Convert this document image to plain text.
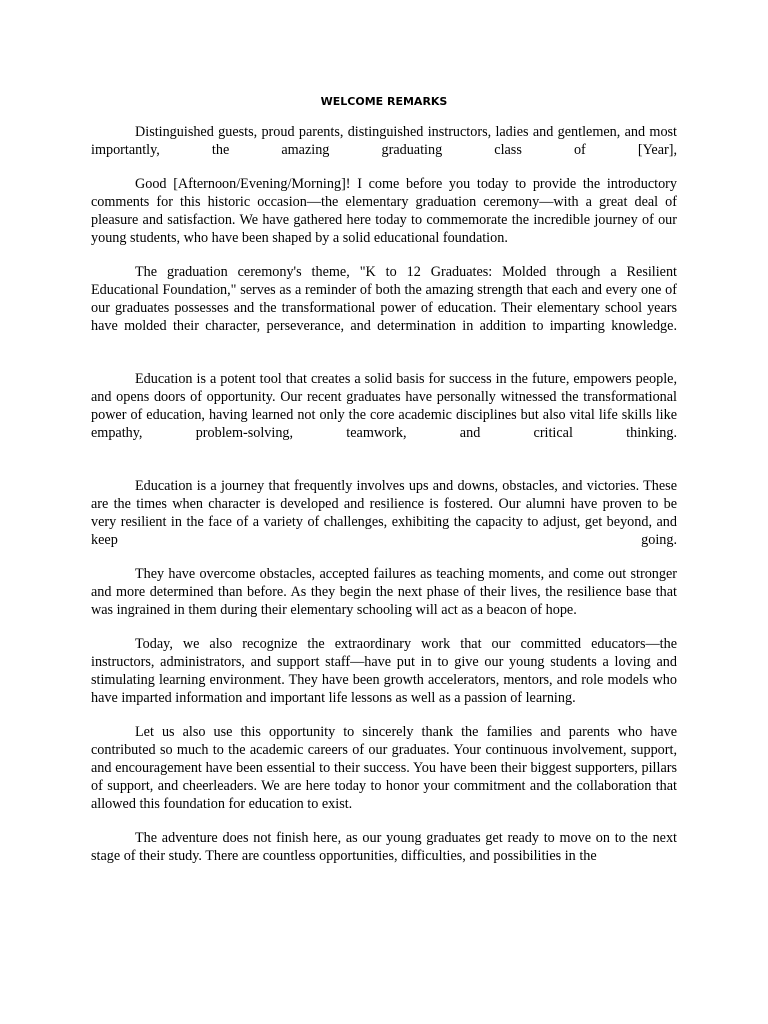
WELCOME REMARKS

Distinguished guests, proud parents, distinguished instructors, ladies and gentlemen, and most importantly, the amazing graduating class of [Year],

Good [Afternoon/Evening/Morning]! I come before you today to provide the introductory comments for this historic occasion—the elementary graduation ceremony—with a great deal of pleasure and satisfaction. We have gathered here today to commemorate the incredible journey of our young students, who have been shaped by a solid educational foundation.

The graduation ceremony's theme, "K to 12 Graduates: Molded through a Resilient Educational Foundation," serves as a reminder of both the amazing strength that each and every one of our graduates possesses and the transformational power of education. Their elementary school years have molded their character, perseverance, and determination in addition to imparting knowledge.

Education is a potent tool that creates a solid basis for success in the future, empowers people, and opens doors of opportunity. Our recent graduates have personally witnessed the transformational power of education, having learned not only the core academic disciplines but also vital life skills like empathy, problem-solving, teamwork, and critical thinking.

Education is a journey that frequently involves ups and downs, obstacles, and victories. These are the times when character is developed and resilience is fostered. Our alumni have proven to be very resilient in the face of a variety of challenges, exhibiting the capacity to adjust, get beyond, and keep going.

They have overcome obstacles, accepted failures as teaching moments, and come out stronger and more determined than before. As they begin the next phase of their lives, the resilience base that was ingrained in them during their elementary schooling will act as a beacon of hope.

Today, we also recognize the extraordinary work that our committed educators—the instructors, administrators, and support staff—have put in to give our young students a loving and stimulating learning environment. They have been growth accelerators, mentors, and role models who have imparted information and important life lessons as well as a passion of learning.

Let us also use this opportunity to sincerely thank the families and parents who have contributed so much to the academic careers of our graduates. Your continuous involvement, support, and encouragement have been essential to their success. You have been their biggest supporters, pillars of support, and cheerleaders. We are here today to honor your commitment and the collaboration that allowed this foundation for education to exist.

The adventure does not finish here, as our young graduates get ready to move on to the next stage of their study. There are countless opportunities, difficulties, and possibilities in the
